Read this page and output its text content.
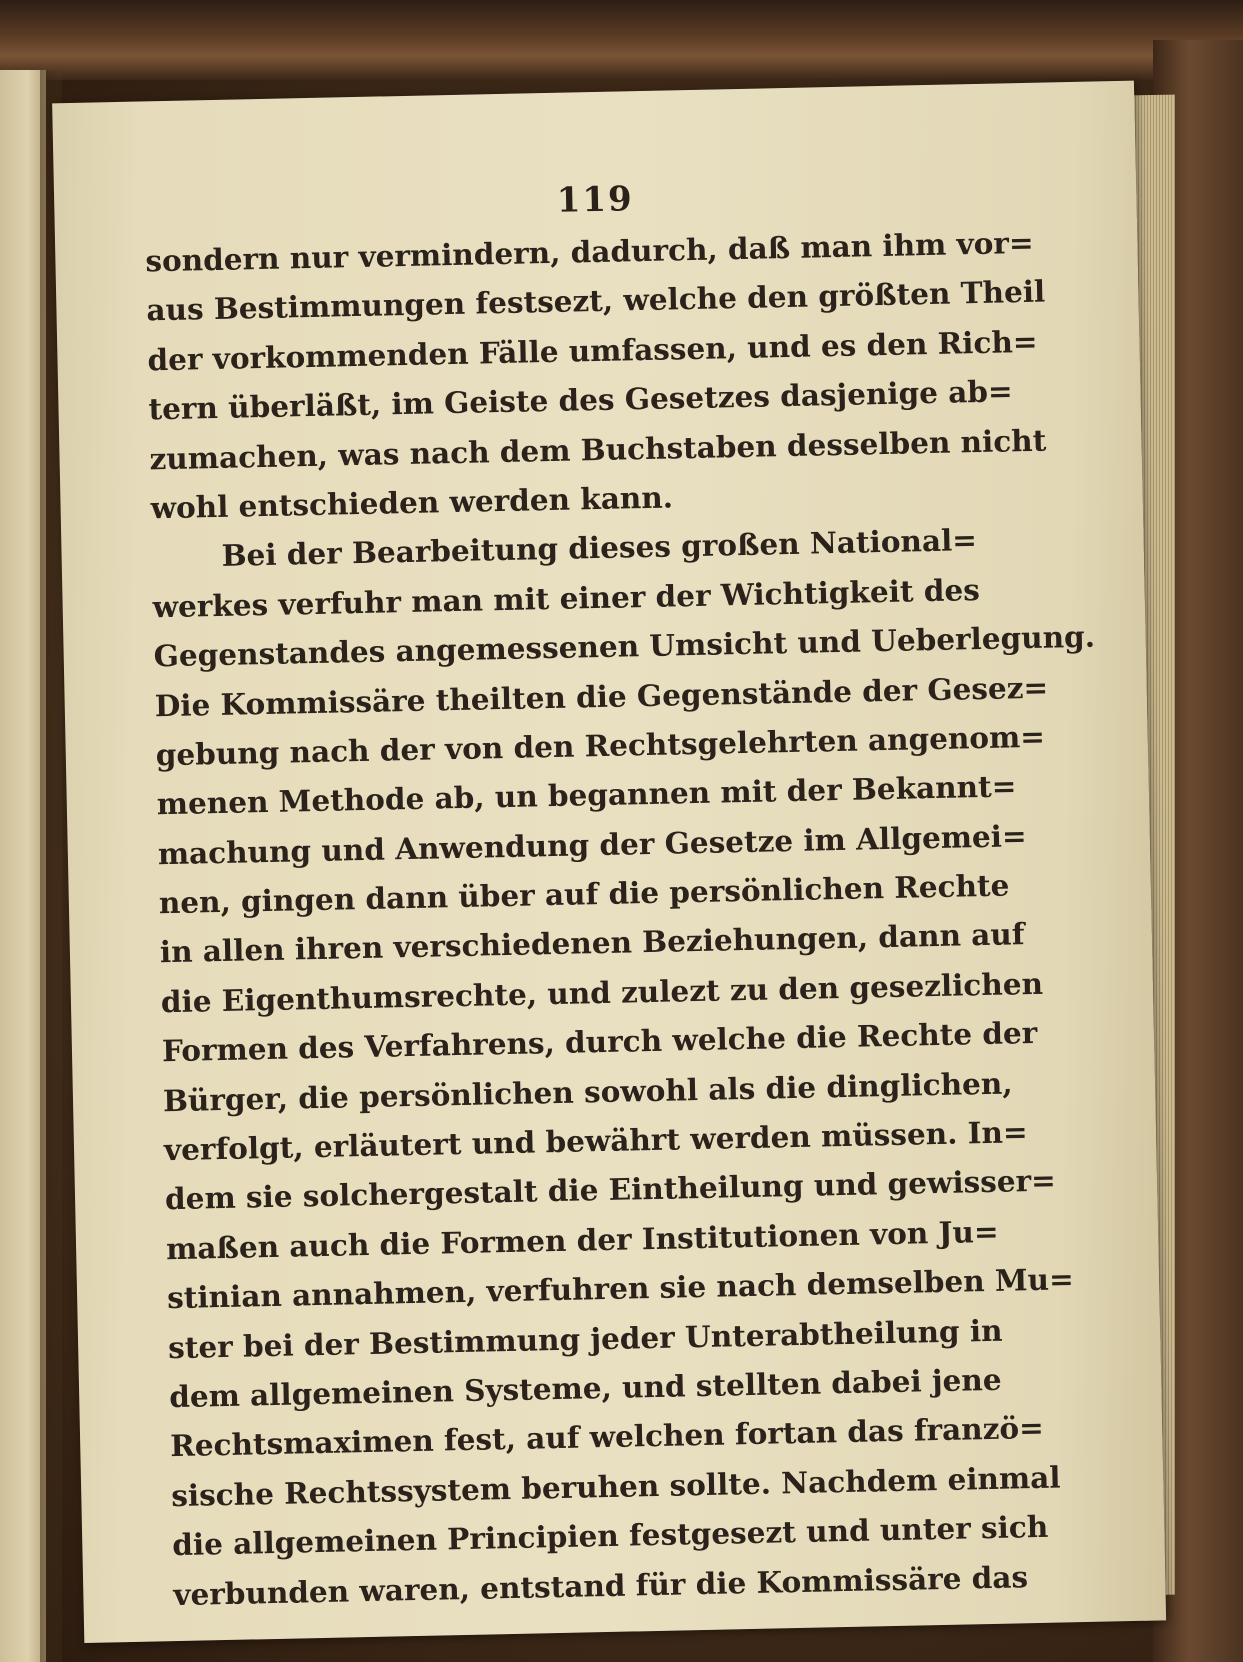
119
sondern nur vermindern, dadurch, daß man ihm vor=
aus Bestimmungen festsezt, welche den größten Theil
der vorkommenden Fälle umfassen, und es den Rich=
tern überläßt, im Geiste des Gesetzes dasjenige ab=
zumachen, was nach dem Buchstaben desselben nicht
wohl entschieden werden kann.
Bei der Bearbeitung dieses großen National=
werkes verfuhr man mit einer der Wichtigkeit des
Gegenstandes angemessenen Umsicht und Ueberlegung.
Die Kommissäre theilten die Gegenstände der Gesez=
gebung nach der von den Rechtsgelehrten angenom=
menen Methode ab, un begannen mit der Bekannt=
machung und Anwendung der Gesetze im Allgemei=
nen, gingen dann über auf die persönlichen Rechte
in allen ihren verschiedenen Beziehungen, dann auf
die Eigenthumsrechte, und zulezt zu den gesezlichen
Formen des Verfahrens, durch welche die Rechte der
Bürger, die persönlichen sowohl als die dinglichen,
verfolgt, erläutert und bewährt werden müssen. In=
dem sie solchergestalt die Eintheilung und gewisser=
maßen auch die Formen der Institutionen von Ju=
stinian annahmen, verfuhren sie nach demselben Mu=
ster bei der Bestimmung jeder Unterabtheilung in
dem allgemeinen Systeme, und stellten dabei jene
Rechtsmaximen fest, auf welchen fortan das franzö=
sische Rechtssystem beruhen sollte. Nachdem einmal
die allgemeinen Principien festgesezt und unter sich
verbunden waren, entstand für die Kommissäre das
